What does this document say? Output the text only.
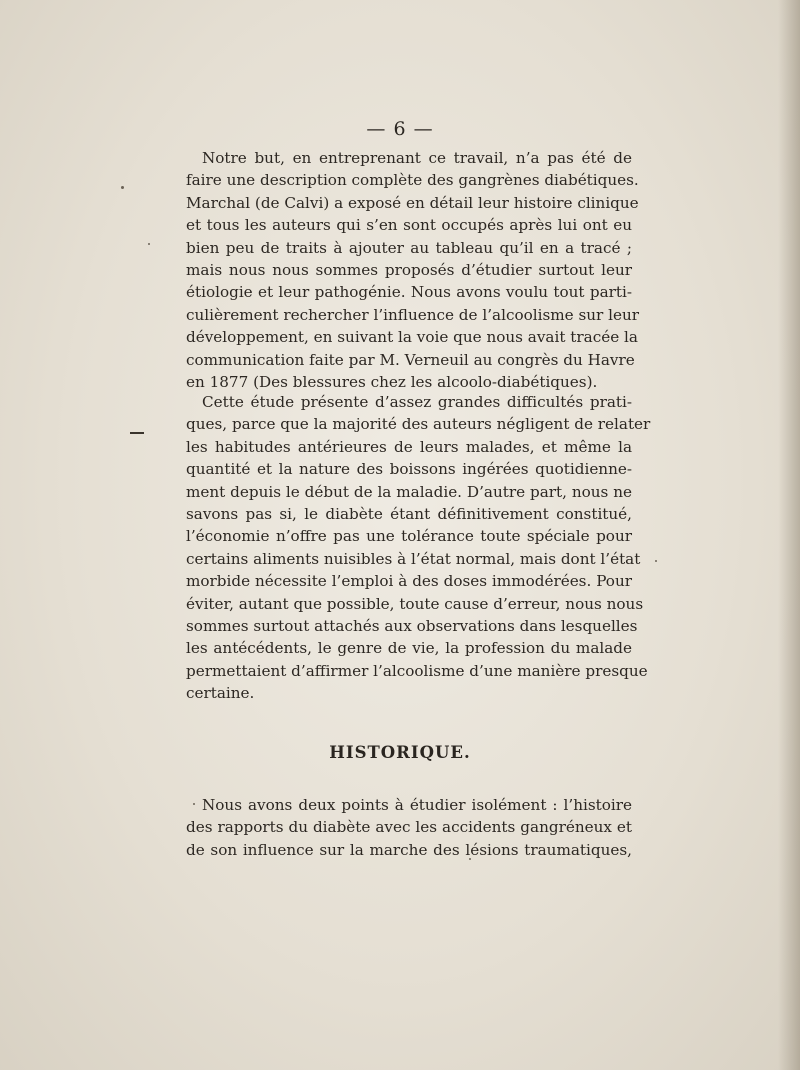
— 6 —
Notre but, en entreprenant ce travail, n’a pas été de
faire une description complète des gangrènes diabétiques.
Marchal (de Calvi) a exposé en détail leur histoire clinique
et tous les auteurs qui s’en sont occupés après lui ont eu
bien peu de traits à ajouter au tableau qu’il en a tracé ;
mais nous nous sommes proposés d’étudier surtout leur
étiologie et leur pathogénie. Nous avons voulu tout parti-
culièrement rechercher l’influence de l’alcoolisme sur leur
développement, en suivant la voie que nous avait tracée la
communication faite par M. Verneuil au congrès du Havre
en 1877 (Des blessures chez les alcoolo-diabétiques).
Cette étude présente d’assez grandes difficultés prati-
ques, parce que la majorité des auteurs négligent de relater
les habitudes antérieures de leurs malades, et même la
quantité et la nature des boissons ingérées quotidienne-
ment depuis le début de la maladie. D’autre part, nous ne
savons pas si, le diabète étant définitivement constitué,
l’économie n’offre pas une tolérance toute spéciale pour
certains aliments nuisibles à l’état normal, mais dont l’état
morbide nécessite l’emploi à des doses immodérées. Pour
éviter, autant que possible, toute cause d’erreur, nous nous
sommes surtout attachés aux observations dans lesquelles
les antécédents, le genre de vie, la profession du malade
permettaient d’affirmer l’alcoolisme d’une manière presque
certaine.
HISTORIQUE.
Nous avons deux points à étudier isolément : l’histoire
des rapports du diabète avec les accidents gangréneux et
de son influence sur la marche des lésions traumatiques,
